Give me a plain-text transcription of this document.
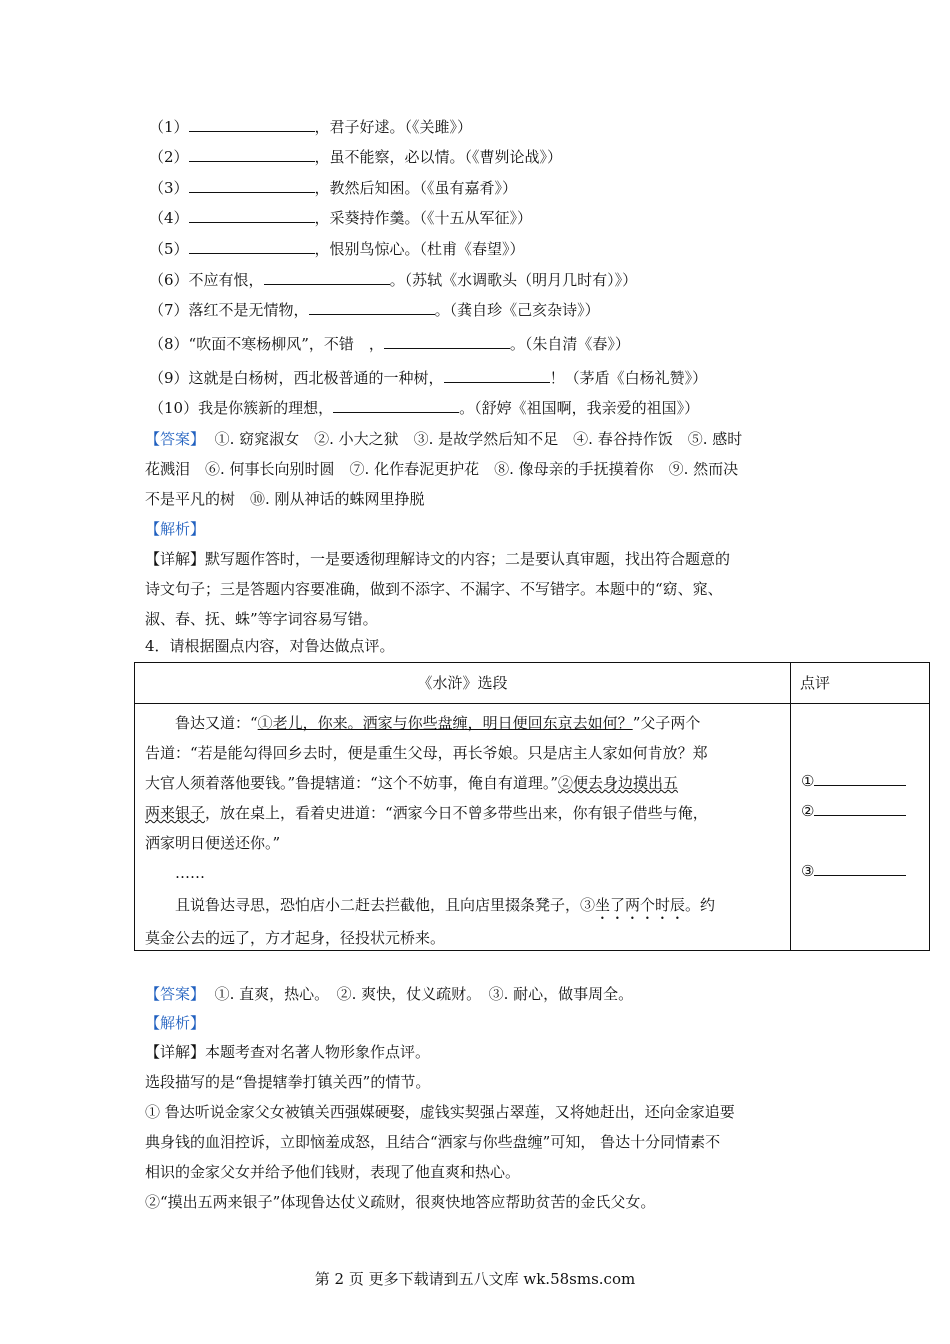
（1）	，君子好逑。（《关雎》）
（2）	，虽不能察，必以情。（《曹刿论战》）
（3）	，教然后知困。（《虽有嘉肴》）
（4）	，采葵持作羹。（《十五从军征》）
（5）	，恨别鸟惊心。（杜甫《春望》）
（6）不应有恨，	。（苏轼《水调歌头（明月几时有）》）
（7）落红不是无情物，	。（龚自珍《己亥杂诗》）
（8）“吹面不寒杨柳风”，不错　，	。（朱自清《春》）
（9）这就是白杨树，西北极普通的一种树，	！（茅盾《白杨礼赞》）
（10）我是你簇新的理想，	。（舒婷《祖国啊，我亲爱的祖国》）
【答案】 ①. 窈窕淑女　②. 小大之狱　③. 是故学然后知不足　④. 春谷持作饭　⑤. 感时
花溅泪　⑥. 何事长向别时圆　⑦. 化作春泥更护花　⑧. 像母亲的手抚摸着你　⑨. 然而决
不是平凡的树　⑩. 刚从神话的蛛网里挣脱
【解析】
【详解】默写题作答时，一是要透彻理解诗文的内容；二是要认真审题，找出符合题意的
诗文句子；三是答题内容要准确，做到不添字、不漏字、不写错字。本题中的“窈、窕、
淑、春、抚、蛛”等字词容易写错。
4．请根据圈点内容，对鲁达做点评。
《水浒》选段	点评
鲁达又道：“①老儿，你来。洒家与你些盘缠，明日便回东京去如何？”父子两个
告道：“若是能勾得回乡去时，便是重生父母，再长爷娘。只是店主人家如何肯放？郑
大官人须着落他要钱。”鲁提辖道：“这个不妨事，俺自有道理。”②便去身边摸出五
两来银子，放在桌上，看着史进道：“洒家今日不曾多带些出来，你有银子借些与俺，
洒家明日便送还你。”
……
且说鲁达寻思，恐怕店小二赶去拦截他，且向店里掇条凳子，③坐了两个时辰。约
莫金公去的远了，方才起身，径投状元桥来。
①
②
③
【答案】 ①. 直爽，热心。　②. 爽快，仗义疏财。　③. 耐心，做事周全。
【解析】
【详解】本题考查对名著人物形象作点评。
选段描写的是“鲁提辖拳打镇关西”的情节。
① 鲁达听说金家父女被镇关西强媒硬娶，虚钱实契强占翠莲，又将她赶出，还向金家追要
典身钱的血泪控诉，立即恼羞成怒，且结合“洒家与你些盘缠”可知， 鲁达十分同情素不
相识的金家父女并给予他们钱财，表现了他直爽和热心。
②“摸出五两来银子”体现鲁达仗义疏财，很爽快地答应帮助贫苦的金氏父女。
第 2 页 更多下载请到五八文库 wk.58sms.com
